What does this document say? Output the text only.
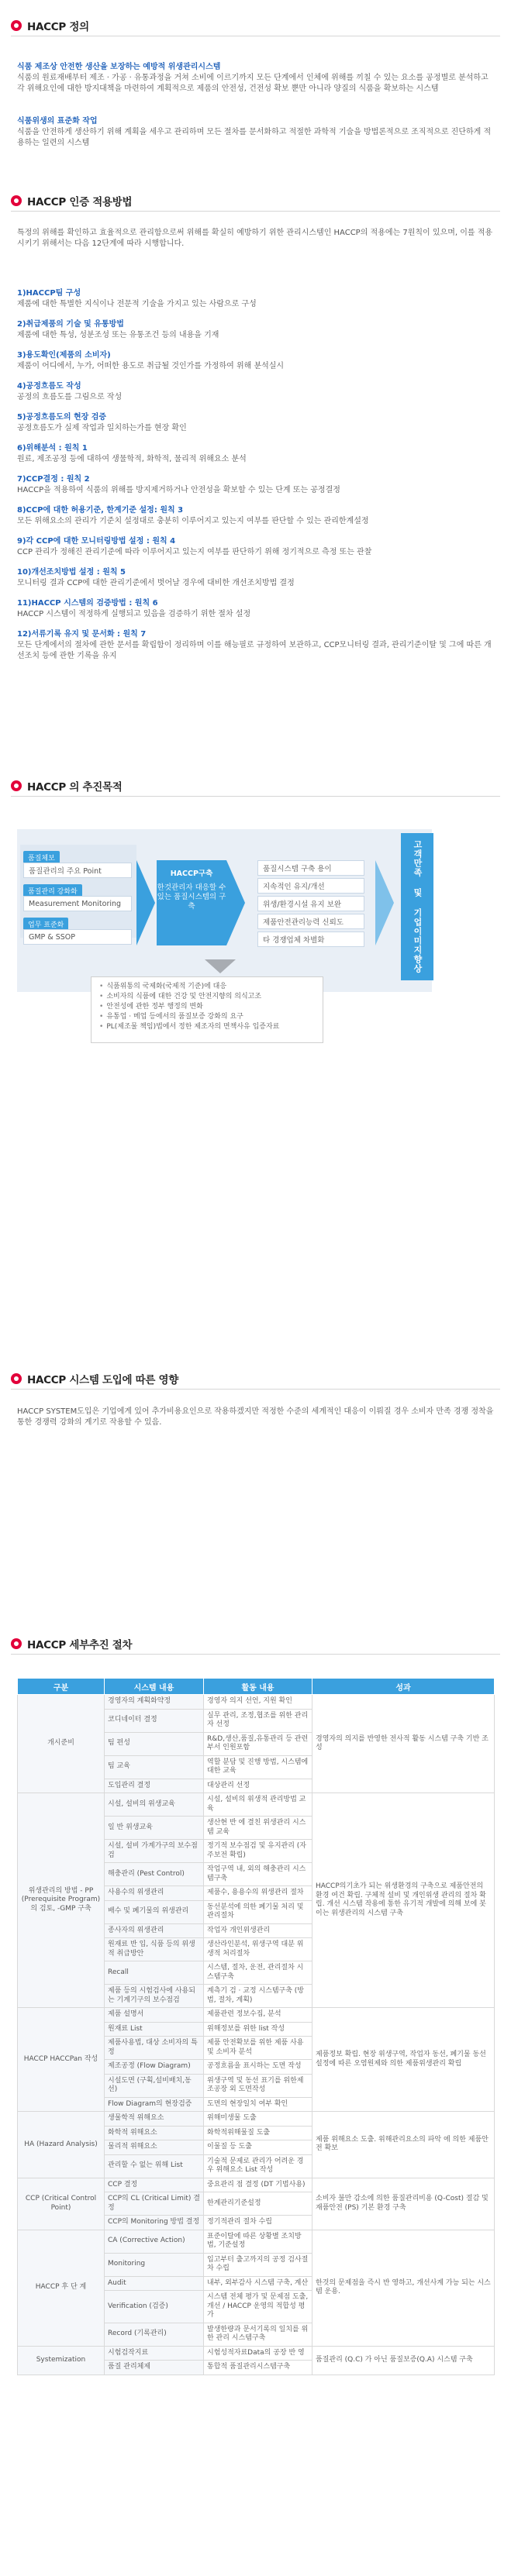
HACCP 정의
식품 제조상 안전한 생산을 보장하는 예방적 위생관리시스템
식품의 원료재배부터 제조 · 가공 · 유통과정을 거쳐 소비에 이르기까지 모든 단계에서 인체에 위해를 끼칠 수 있는 요소를 공정별로 분석하고 각 위해요인에 대한 방지대책을 마련하여 계획적으로 제품의 안전성, 건전성 확보 뿐만 아니라 양질의 식품을 확보하는 시스템
식품위생의 표준화 작업
식품을 안전하게 생산하기 위해 계획을 세우고 관리하며 모든 절차를 문서화하고 적절한 과학적 기술을 방법론적으로 조직적으로 진단하게 적용하는 일련의 시스템
HACCP 인증 적용방법
특정의 위해를 확인하고 효율적으로 관리함으로써 위해를 확실히 예방하기 위한 관리시스템인 HACCP의 적용에는 7원칙이 있으며, 이를 적용시키기 위해서는 다음 12단계에 따라 시행합니다.
1)HACCP팀 구성
제품에 대한 특별한 지식이나 전문적 기술을 가지고 있는 사람으로 구성
2)취급제품의 기술 및 유통방법
제품에 대한 특성, 성분조성 또는 유통조건 등의 내용을 기재
3)용도확인(제품의 소비자)
제품이 어디에서, 누가, 어떠한 용도로 취급될 것인가를 가정하여 위해 분석실시
4)공정흐름도 작성
공정의 흐름도를 그림으로 작성
5)공정흐름도의 현장 검증
공정흐름도가 실제 작업과 일치하는가를 현장 확인
6)위해분석 : 원칙 1
원료, 제조공정 등에 대하여 생물학적, 화학적, 물리적 위해요소 분석
7)CCP결정 : 원칙 2
HACCP을 적용하여 식품의 위해를 방지제거하거나 안전성을 확보할 수 있는 단계 또는 공정결정
8)CCP에 대한 허용기준, 한계기준 설정: 원칙 3
모든 위해요소의 관리가 기준치 설정대로 충분히 이루어지고 있는지 여부를 판단할 수 있는 관리한계설정
9)각 CCP에 대한 모니터링방법 설정 : 원칙 4
CCP 관리가 정해진 관리기준에 따라 이루어지고 있는지 여부를 판단하기 위해 정기적으로 측정 또는 관찰
10)개선조치방법 설정 : 원칙 5
모니터링 결과 CCP에 대한 관리기준에서 벗어날 경우에 대비한 개선조치방법 결정
11)HACCP 시스템의 검증방법 : 원칙 6
HACCP 시스템이 적정하게 실행되고 있음을 검증하기 위한 절차 설정
12)서류기록 유지 및 문서화 : 원칙 7
모든 단계에서의 절차에 관한 문서를 확립함이 정리하며 이를 해능필로 규정하여 보관하고, CCP모니터링 결과, 관리기준이탈 및 그에 따른 개선조치 등에 관한 기록을 유지
HACCP 의 추진목적
품질체보
품질관리의 주요 Point
품질관리 강화화
Measurement Monitoring
업무 표준화
GMP & SSOP
HACCP구축
한것관리자 대응할 수 있는 품질시스템의 구축
품질시스템 구축 용이
지속적인 유지/개선
위생/환경시설 유지 보완
제품안전관리능력 신뢰도
타 경쟁업체 차별화	고객만족 및 기업이미지향상
• 식품위통의 국제화(국제적 기준)에 대응
• 소비자의 식품에 대한 건강 및 안전지향의 의식고조
• 안전성에 관한 정부 행정의 변화
• 유통업 · 메업 등에서의 품질보증 강화의 요구
• PL(제조물 책임)법에서 정한 제조자의 면책사유 입증자료
HACCP 시스템 도입에 따른 영향
HACCP SYSTEM도입은 기업에게 있어 추가비용요인으로 작용하겠지만 적정한 수준의 세계적인 대응이 이뤄질 경우 소비자 만족 경쟁 정착을 통한 경쟁력 강화의 계기로 작용할 수 있음.
HACCP 세부추진 절차
구분	시스템 내용	활동 내용	성과
개시준비	경영자의 계획화약정	경영자 의지 선언, 지원 확인	경영자의 의지를 반영한 전사적 활동 시스템 구축 기반 조성
	코디네이터 결정	실무 관리, 조정,협조를 위한 관리자 선정	
	팀 편성	R&D,생산,품질,유통관리 등 관련부서 인원포함	
	팀 교육	역할 분담 및 진행 방법, 시스템에 대한 교육	
	도입관리 결정	대상관리 선정	
위생관리의 방법 - PP (Prerequisite Program)의 검토, -GMP 구축	시설, 설비의 위생교육	시설, 설비의 위생적 관리방법 교육	HACCP의기초가 되는 위생환경의 구축으로 제품안전의 환경 여건 확립. 구체적 설비 및 개인위생 관리의 절차 확립. 개선 시스템 작용에 통한 유기적 개발에 의해 보에 봇이는 위생관리의 시스템 구축
	일 반 위생교육	생산현 반 에 결친 위생관리 시스템 교육	
	시설, 설비 가계가구의 보수점검	정기적 보수점검 및 유지관리 (자주보전 확립)	
	해충관리 (Pest Control)	작업구역 내, 외의 해충관리 시스템구축	
	사용수의 위생관리	제품수, 용용수의 위생관리 절차	
	배수 및 폐기물의 위생관리	동선분석에 의한 폐기물 처리 및 관리절차	
	종사자의 위생관리	작업자 개인위생관리	
	원재료 반 입, 식품 등의 위생적 취급방안	생산라인분석, 위생구역 대분 위생적 처리절차	
	Recall	시스템, 절차, 운전, 관리절차 시스템구축	
	제품 등의 시험검사에 사용되는 기계기구의 보수점검	계측기 검 · 교정 시스템구축 (방법, 절차, 계획)	
HACCP HACCPan 작성	제품 설명서	제품관련 정보수집, 분석	제품정보 확립. 현장 위생구역, 작업자 동선, 폐기물 동선 설정에 따른 오염원제와 의한 제품위생관리 확립
	원재료 List	위해정보를 위한 list 작성	
	제품사용법, 대상 소비자의 특정	제품 안전확보를 위한 제품 사용 및 소비자 분석	
	제조공정 (Flow Diagram)	공정흐름을 표시하는 도면 작성	
	시설도면 (구획,설비배치,동선)	위생구역 및 동선 표기를 위한제조공장 외 도면작성	
	Flow Diagram의 현장검증	도면의 현장일치 여부 확인	
HA (Hazard Analysis)	생물학적 위해요소	위해미생물 도출	제품 위해요소 도출. 위해관리요소의 파악 에 의한 제품안전 확보
	화학적 위해요소	화학적위해물질 도출	
	물리적 위해요소	이물질 등 도출	
	관리할 수 없는 위해 List	기술적 문제로 관리가 어려운 경우 위해요소 List 작성	
CCP (Critical Control Point)	CCP 결정	중요관리 점 결정 (DT 기법사용)	소비자 불만 감소에 의한 품질관리비용 (Q-Cost) 절감 및 재품안전 (PS) 기본 환경 구축
	CCP의 CL (Critical Limit) 결정	한계관리기준설정	
	CCP의 Monitoring 방법 결정	정기적관리 절차 수립	
HACCP 후 단 계	CA (Corrective Action)	표준이탈에 따른 상황별 조치방법, 기준설정	한것의 문제점을 즉시 반 영하고, 개선사계 가능 되는 시스템 운용.
	Monitoring	입고부터 출고까지의 공정 검사절차 수립	
	Audit	내부, 외부감사 시스템 구축, 계산	
	Verification (검증)	시스템 전체 평가 및 문제점 도출, 개선 / HACCP 운영의 적합성 평가	
	Record (기록관리)	발생한량과 문서기록의 일치를 위한 관리 시스템구축	
Systemization	시험검작지료	시험성적자료Data의 공장 반 영	품질관리 (Q.C) 가 아닌 품질보증(Q.A) 시스템 구축
	품질 관리체제	통합적 품질관리시스템구축	
